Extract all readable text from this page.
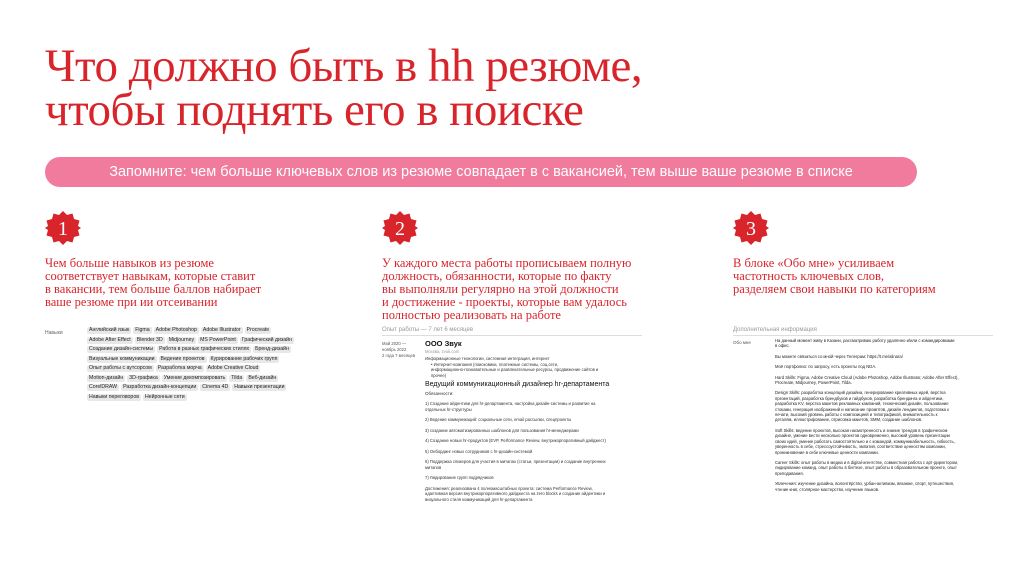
Что должно быть в hh резюме,
чтобы поднять его в поиске
Запомните: чем больше ключевых слов из резюме совпадает в с вакансией, тем выше ваше резюме в списке
1
Чем больше навыков из резюме
соответствует навыкам, которые ставит
в вакансии, тем больше баллов набирает
ваше резюме при ии отсеивании
2
У каждого места работы прописываем полную
должность, обязанности, которые по факту
вы выполняли регулярно на этой должности
и достижение - проекты, которые вам удалось
полностью реализовать на работе
3
В блоке «Обо мне» усиливаем
частотность ключевых слов,
разделяем свои навыки по категориям
Навыки	Английский язык Figma Adobe Photoshop Adobe Illustrator ProcreateAdobe After Effect Blender 3D Midjourney MS PowerPoint Графический дизайнСоздание дизайн-системы Работа в разных графических стилях Бренд-дизайнВизуальные коммуникации Ведение проектов Курирование рабочих группОпыт работы с аутсорсом Разработка морча Adobe Creative CloudMotion-дизайн 3D-графика Умение декомпозировать Tilda Веб-дизайнCorelDRAW Разработка дизайн-концепции Cinema 4D Навыки презентацииНавыки переговоров Нейронные сети
Опыт работы — 7 лет 6 месяцев
Май 2020 —
ноябрь 2022
2 года 7 месяцев
ООО Звук
Москва, zvuk.com
Информационные технологии, системная интеграция, интернет
• Интернет-компания (поисковики, платежные системы, соц.сети,
информационно-познавательные и развлекательные ресурсы, продвижение сайтов и
прочее)
Ведущий коммуникационный дизайнер hr-департамента
Обязанности:
1) Создание айдентики для hr-департамента, настройка дизайн-системы и развитие на
отдельных hr-структуры
2) Ведение коммуникаций: социальные сети, email рассылки, спецпроекты
3) создание автоматизированных шаблонов для пользования hr-менеджерами
4) Создание новых hr-продуктов (EVP, Performance Review, внутрикорпоративный дайджест)
5) Онбординг новых сотрудников с hr-дизайн-системой
6) Поддержка спикеров для участия в митапах (статьи, презентации) и создание внутренних
митапов
7) Лидирование групп подрядчиков
Достижения: реализована 4 полномасштабных проекта: система Performance Review,
адаптивная версия внутрикорпоративного дайджеста на zero blocks и создание айдентики и
визуального стиля коммуникаций для hr-департамента
Дополнительная информация
Обо мне	На данный момент живу в Казани, рассматриваю работу удалённо и/или с командировками
в офис.
Вы можете связаться со мной через Телеграм: https://t.me/alinara/
Моё портфолио: по запросу, есть проекты под NDA.
Hard Skills: Figma, Adobe Creative Cloud (Adobe Photoshop, Adobe Illustrator, Adobe After Effect),
Procreate, Midjourney, PowerPoint, Tilda.
Design Skills: разработка концепций дизайна, генерирование креативных идей, верстка
презентаций, разработка брендбуков и гайдбуков, разработка брендинга и айдентики,
разработка KV, верстка макетов рекламных кампаний, технический дизайн, пользование
стоками, генерация изображений и написание промптов, дизайн лендингов, подготовка к
печати, высокий уровень работы с композицией и типографикой, внимательность к
деталям, иллюстрирование, отрисовка макетов, SMM, создание шаблонов.
Soft Skills: ведение проектов, высокая насмотренность и знание трендов в графическом
дизайне, умение вести несколько проектов одновременно, высокий уровень презентации
своих идей, умение работать самостоятельно и с командой, коммуникабельность, гибкость,
уверенность в себе, стрессоустойчивость, эмпатия, соответствие ценностям компании,
проникновение в себе ключевые ценности компании.
Career Skills: опыт работы в медиа и в digital-агентстве, совместная работа с арт-директором,
лидирование команд, опыт работы в бигтехе, опыт работы в образовательном проекте, опыт
преподавания.
Увлечения: изучение дизайна, волонтёрство, урбан-активизм, вязание, спорт, путешествия,
чтение книг, столярное мастерство, изучение языков.
